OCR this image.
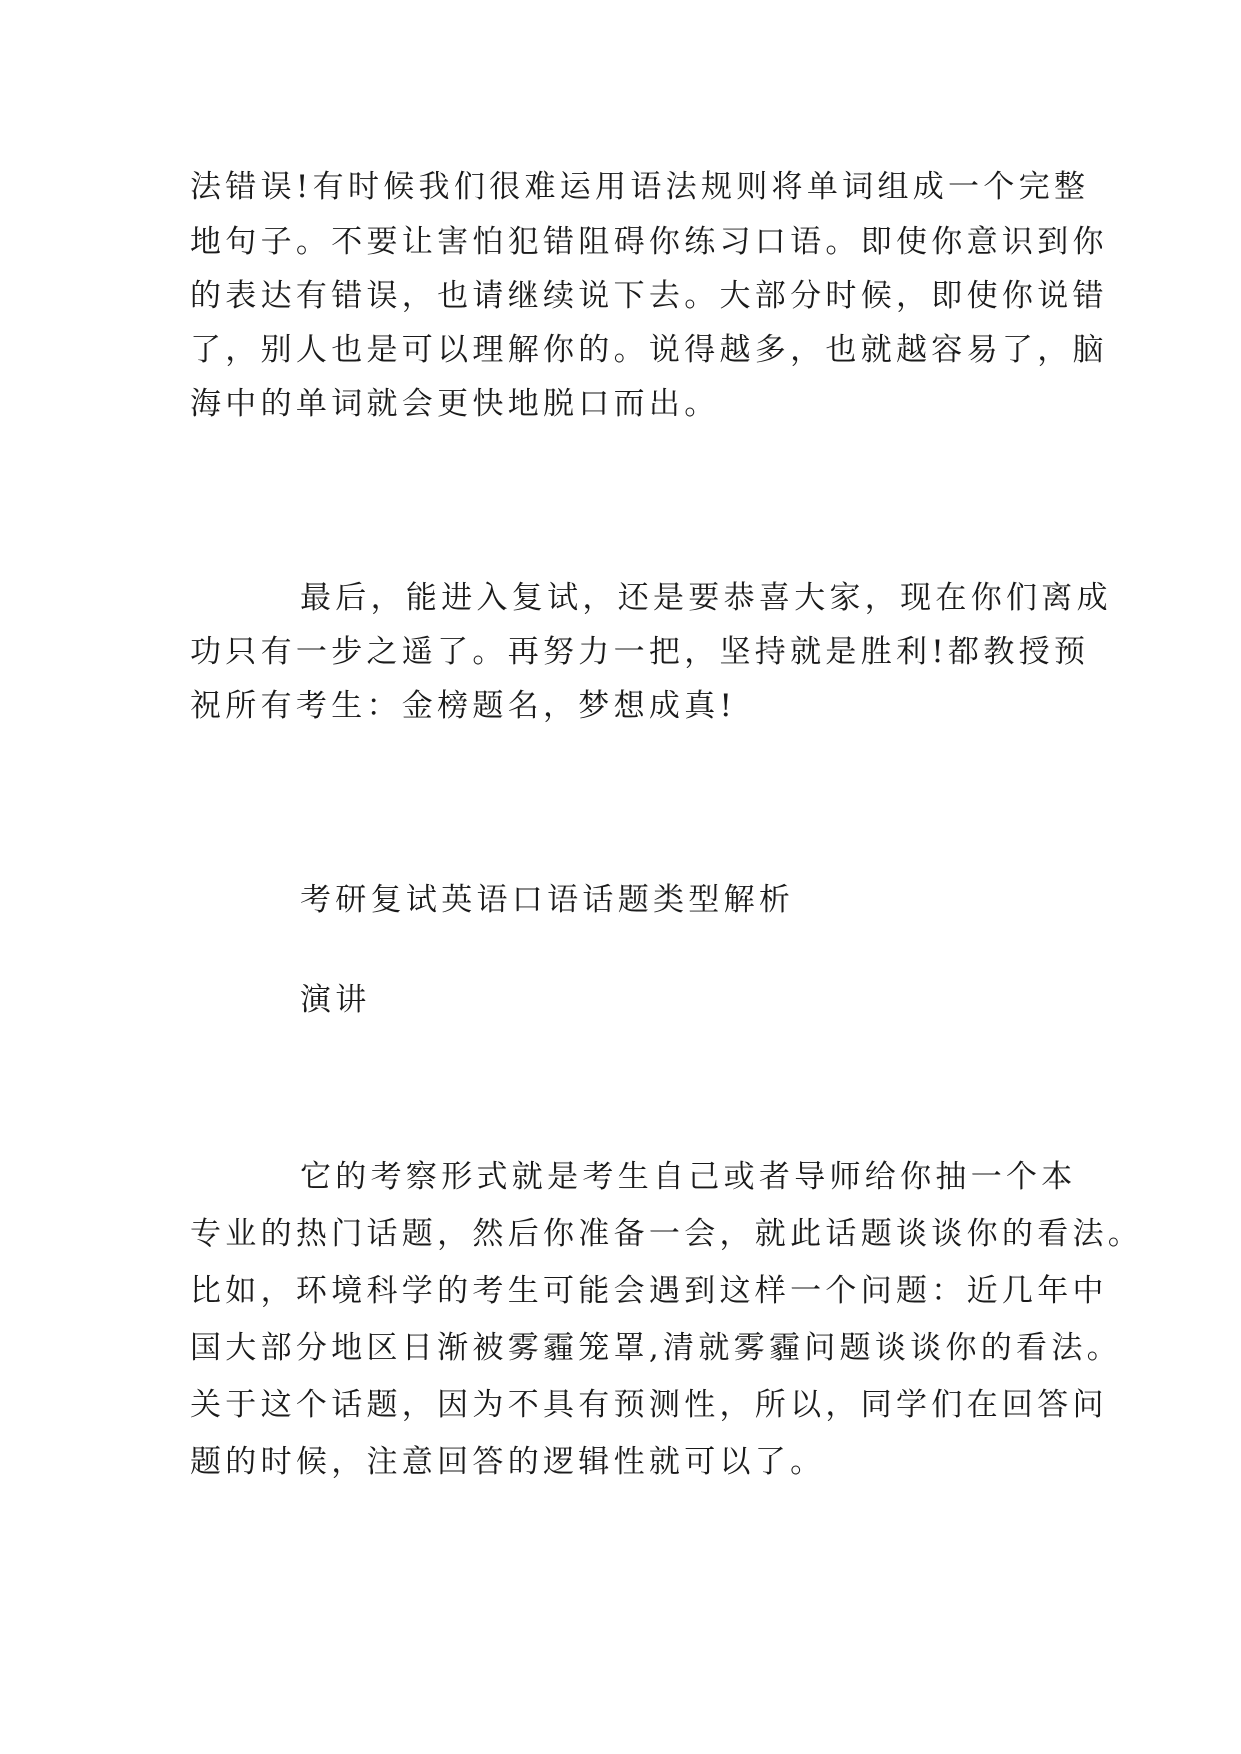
法错误!有时候我们很难运用语法规则将单词组成一个完整
地句子。不要让害怕犯错阻碍你练习口语。即使你意识到你
的表达有错误，也请继续说下去。大部分时候，即使你说错
了，别人也是可以理解你的。说得越多，也就越容易了，脑
海中的单词就会更快地脱口而出。
最后，能进入复试，还是要恭喜大家，现在你们离成
功只有一步之遥了。再努力一把，坚持就是胜利!都教授预
祝所有考生：金榜题名，梦想成真!
考研复试英语口语话题类型解析
演讲
它的考察形式就是考生自己或者导师给你抽一个本
专业的热门话题，然后你准备一会，就此话题谈谈你的看法。
比如，环境科学的考生可能会遇到这样一个问题：近几年中
国大部分地区日渐被雾霾笼罩,清就雾霾问题谈谈你的看法。
关于这个话题，因为不具有预测性，所以，同学们在回答问
题的时候，注意回答的逻辑性就可以了。
